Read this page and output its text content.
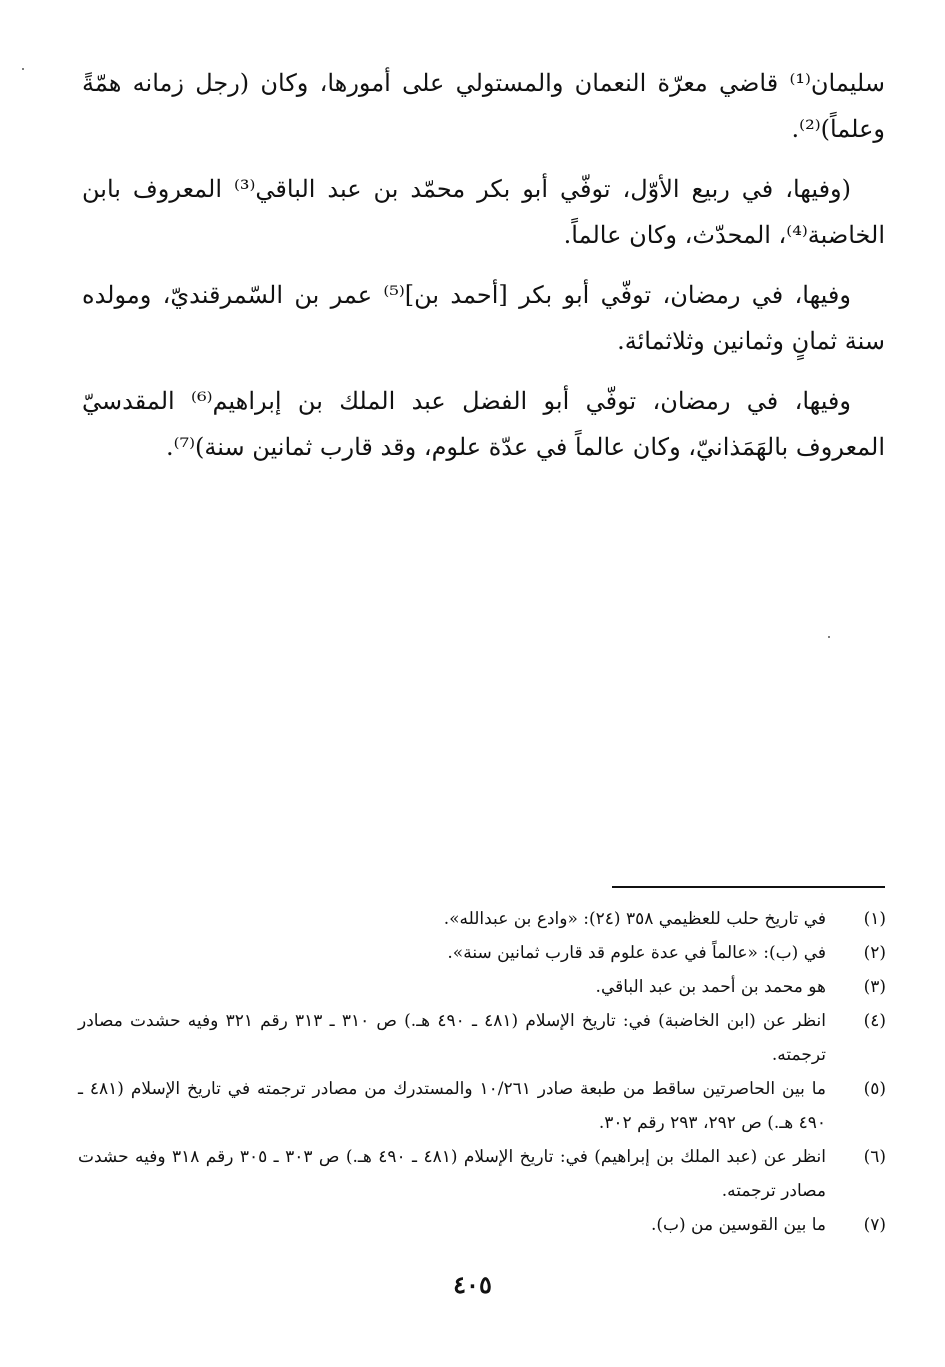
سليمان⁽¹⁾ قاضي معرّة النعمان والمستولي على أمورها، وكان (رجل زمانه همّةً وعلماً)⁽²⁾.

(وفيها، في ربيع الأوّل، توفّي أبو بكر محمّد بن عبد الباقي⁽³⁾ المعروف بابن الخاضبة⁽⁴⁾، المحدّث، وكان عالماً.

وفيها، في رمضان، توفّي أبو بكر [أحمد بن]⁽⁵⁾ عمر بن السّمرقنديّ، ومولده سنة ثمانٍ وثمانين وثلاثمائة.

وفيها، في رمضان، توفّي أبو الفضل عبد الملك بن إبراهيم⁽⁶⁾ المقدسيّ المعروف بالهَمَذانيّ، وكان عالماً في عدّة علوم، وقد قارب ثمانين سنة)⁽⁷⁾.

(١)
في تاريخ حلب للعظيمي ٣٥٨ (٢٤): «وادع بن عبدالله».
(٢)
في (ب): «عالماً في عدة علوم قد قارب ثمانين سنة».
(٣)
هو محمد بن أحمد بن عبد الباقي.
(٤)
انظر عن (ابن الخاضبة) في: تاريخ الإسلام (٤٨١ ـ ٤٩٠ هـ.) ص ٣١٠ ـ ٣١٣ رقم ٣٢١ وفيه حشدت مصادر ترجمته.
(٥)
ما بين الحاصرتين ساقط من طبعة صادر ١٠/٢٦١ والمستدرك من مصادر ترجمته في تاريخ الإسلام (٤٨١ ـ ٤٩٠ هـ.) ص ٢٩٢، ٢٩٣ رقم ٣٠٢.
(٦)
انظر عن (عبد الملك بن إبراهيم) في: تاريخ الإسلام (٤٨١ ـ ٤٩٠ هـ.) ص ٣٠٣ ـ ٣٠٥ رقم ٣١٨ وفيه حشدت مصادر ترجمته.
(٧)
ما بين القوسين من (ب).
٤٠٥
